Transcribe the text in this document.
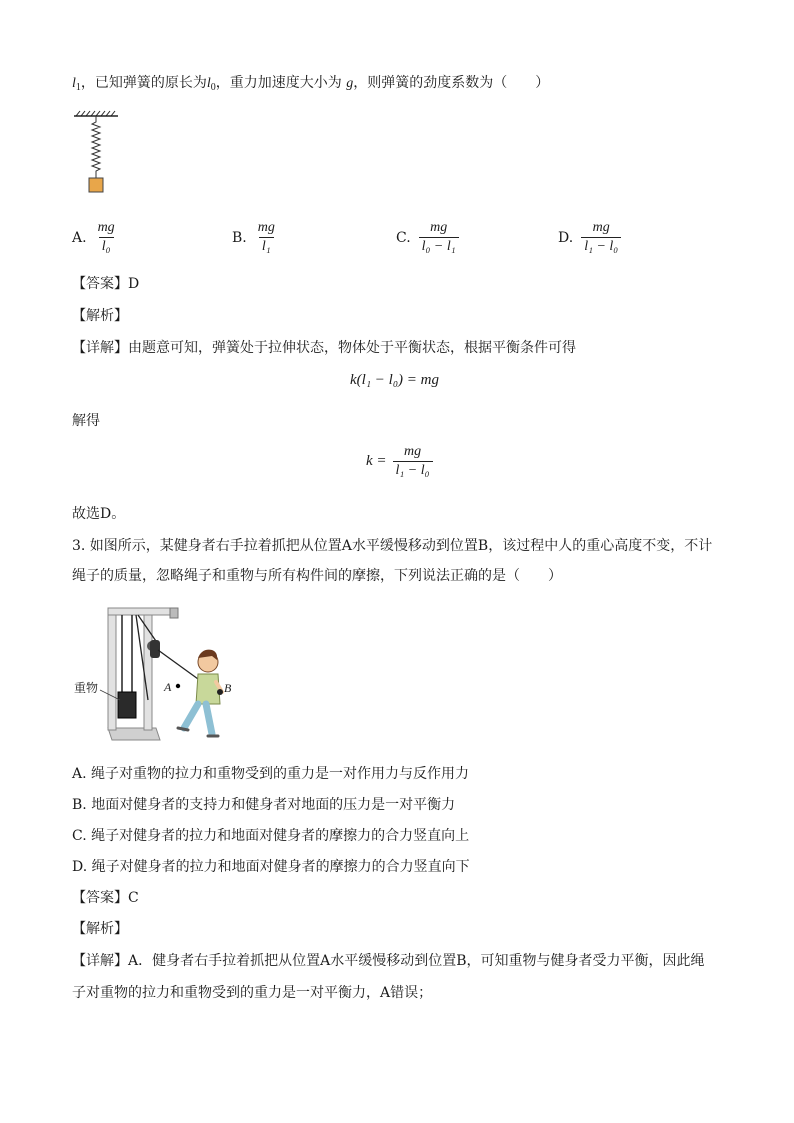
$l_1$，已知弹簧的原长为$l_0$，重力加速度大小为 g，则弹簧的劲度系数为（　　）
A. $\frac{mg}{\text{l₀}}$	B. $\frac{mg}{\text{l₁}}$	C. $\frac{mg}{\text{l₀ − l₁}}$	D. $\frac{mg}{\text{l₁ − l₀}}$
【答案】D
【解析】
【详解】由题意可知，弹簧处于拉伸状态，物体处于平衡状态，根据平衡条件可得
k(l₁ − l₀) = mg
解得
$k = \frac{mg}{\text{l₁ − l₀}}$
故选D。
3. 如图所示，某健身者右手拉着抓把从位置A水平缓慢移动到位置B，该过程中人的重心高度不变，不计
绳子的质量，忽略绳子和重物与所有构件间的摩擦，下列说法正确的是（　　）
重物	A	B
A. 绳子对重物的拉力和重物受到的重力是一对作用力与反作用力
B. 地面对健身者的支持力和健身者对地面的压力是一对平衡力
C. 绳子对健身者的拉力和地面对健身者的摩擦力的合力竖直向上
D. 绳子对健身者的拉力和地面对健身者的摩擦力的合力竖直向下
【答案】C
【解析】
【详解】A．健身者右手拉着抓把从位置A水平缓慢移动到位置B，可知重物与健身者受力平衡，因此绳
子对重物的拉力和重物受到的重力是一对平衡力，A错误；
